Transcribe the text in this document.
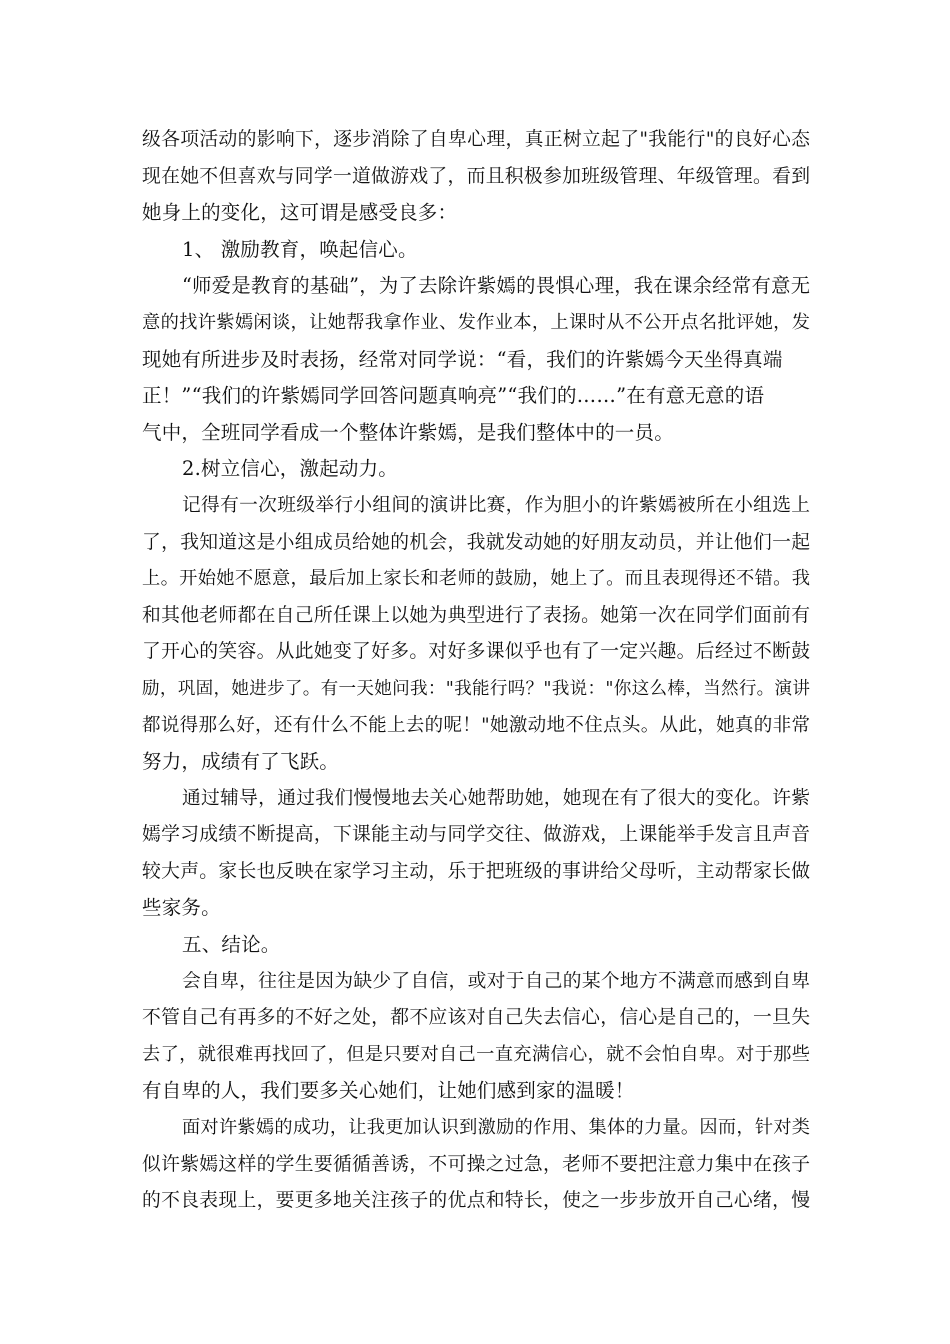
级各项活动的影响下，逐步消除了自卑心理，真正树立起了"我能行"的良好心态
现在她不但喜欢与同学一道做游戏了，而且积极参加班级管理、年级管理。看到
她身上的变化，这可谓是感受良多：
1、 激励教育，唤起信心。
“师爱是教育的基础”，为了去除许紫嫣的畏惧心理，我在课余经常有意无
意的找许紫嫣闲谈，让她帮我拿作业、发作业本，上课时从不公开点名批评她，发
现她有所进步及时表扬，经常对同学说：“看，我们的许紫嫣今天坐得真端
正！”“我们的许紫嫣同学回答问题真响亮”“我们的……”在有意无意的语
气中，全班同学看成一个整体许紫嫣，是我们整体中的一员。
2.树立信心，激起动力。
记得有一次班级举行小组间的演讲比赛，作为胆小的许紫嫣被所在小组选上
了，我知道这是小组成员给她的机会，我就发动她的好朋友动员，并让他们一起
上。开始她不愿意，最后加上家长和老师的鼓励，她上了。而且表现得还不错。我
和其他老师都在自己所任课上以她为典型进行了表扬。她第一次在同学们面前有
了开心的笑容。从此她变了好多。对好多课似乎也有了一定兴趣。后经过不断鼓
励，巩固，她进步了。有一天她问我："我能行吗？"我说："你这么棒，当然行。演讲
都说得那么好，还有什么不能上去的呢！"她激动地不住点头。从此，她真的非常
努力，成绩有了飞跃。
通过辅导，通过我们慢慢地去关心她帮助她，她现在有了很大的变化。许紫
嫣学习成绩不断提高，下课能主动与同学交往、做游戏，上课能举手发言且声音
较大声。家长也反映在家学习主动，乐于把班级的事讲给父母听，主动帮家长做
些家务。
五、结论。
会自卑，往往是因为缺少了自信，或对于自己的某个地方不满意而感到自卑
不管自己有再多的不好之处，都不应该对自己失去信心，信心是自己的，一旦失
去了，就很难再找回了，但是只要对自己一直充满信心，就不会怕自卑。对于那些
有自卑的人，我们要多关心她们，让她们感到家的温暖！
面对许紫嫣的成功，让我更加认识到激励的作用、集体的力量。因而，针对类
似许紫嫣这样的学生要循循善诱，不可操之过急，老师不要把注意力集中在孩子
的不良表现上，要更多地关注孩子的优点和特长，使之一步步放开自己心绪，慢
